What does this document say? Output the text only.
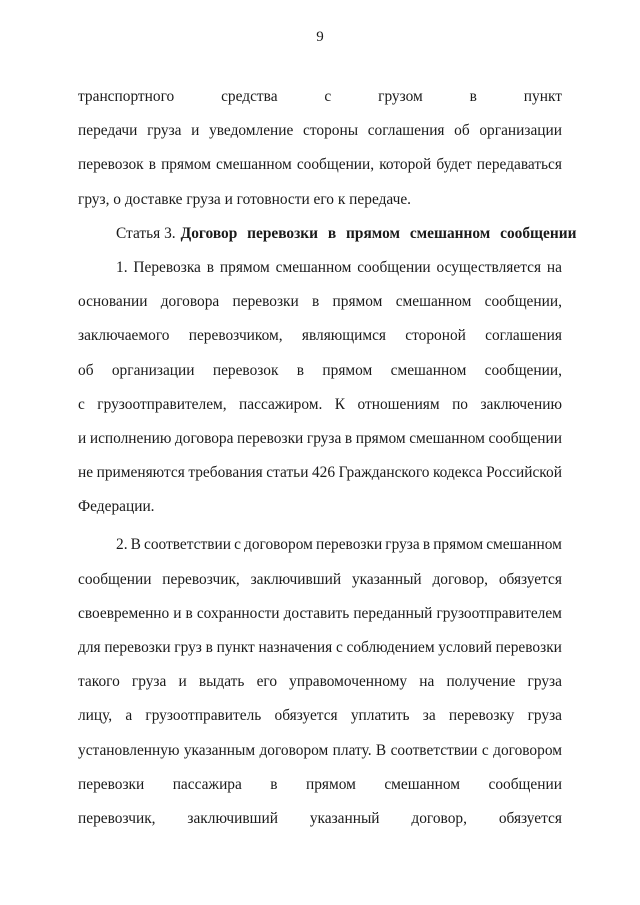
9
транспортного	средства	с	грузом	в	пункт
передачи груза и уведомление стороны соглашения об организации
перевозок в прямом смешанном сообщении, которой будет передаваться
груз, о доставке груза и готовности его к передаче.
Статья 3. Договор перевозки в прямом смешанном сообщении
1. Перевозка в прямом смешанном сообщении осуществляется на
основании договора перевозки в прямом смешанном сообщении,
заключаемого перевозчиком, являющимся стороной соглашения
об организации перевозок в прямом смешанном сообщении,
с грузоотправителем, пассажиром. К отношениям по заключению
и исполнению договора перевозки груза в прямом смешанном сообщении
не применяются требования статьи 426 Гражданского кодекса Российской
Федерации.
2. В соответствии с договором перевозки груза в прямом смешанном
сообщении перевозчик, заключивший указанный договор, обязуется
своевременно и в сохранности доставить переданный грузоотправителем
для перевозки груз в пункт назначения с соблюдением условий перевозки
такого груза и выдать его управомоченному на получение груза
лицу, а грузоотправитель обязуется уплатить за перевозку груза
установленную указанным договором плату. В соответствии с договором
перевозки пассажира в прямом смешанном сообщении
перевозчик, заключивший указанный договор, обязуется
